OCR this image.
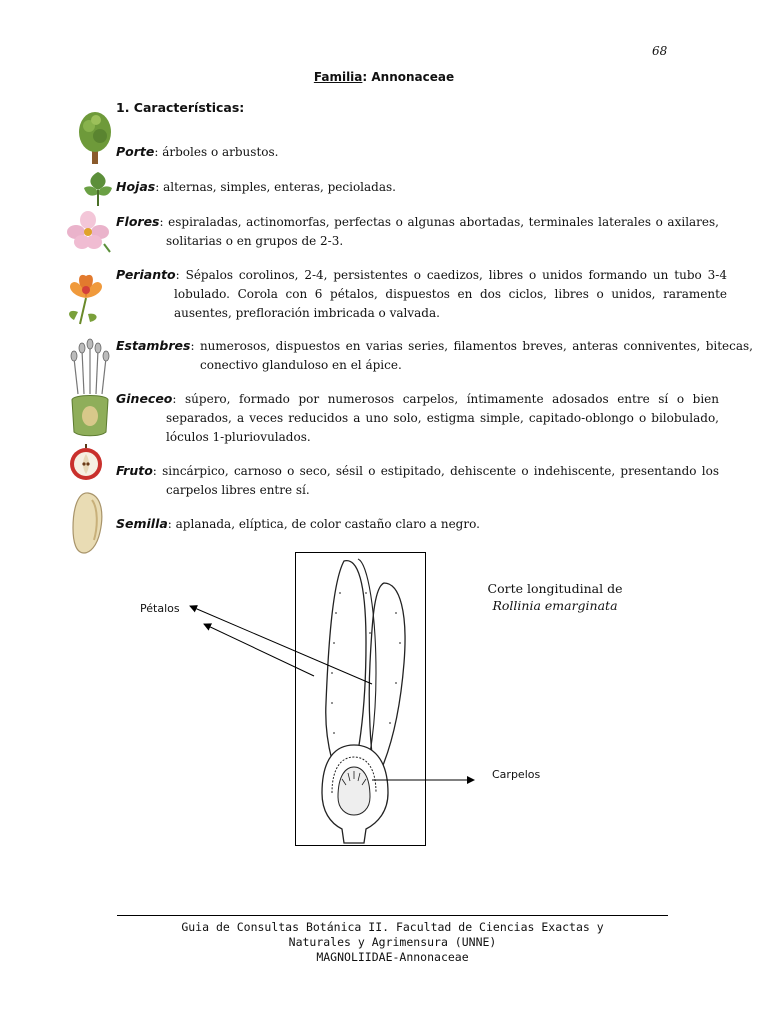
68
Familia: Annonaceae
1. Características:
Porte: árboles o arbustos.
Hojas: alternas, simples, enteras, pecioladas.
Flores: espiraladas, actinomorfas, perfectas o algunas abortadas, terminales laterales o axilares, solitarias o en grupos de 2-3.
Perianto: Sépalos corolinos, 2-4, persistentes o caedizos, libres o unidos formando un tubo 3-4 lobulado. Corola con 6 pétalos, dispuestos en dos ciclos, libres o unidos, raramente ausentes, prefloración imbricada o valvada.
Estambres: numerosos, dispuestos en varias series, filamentos breves, anteras conniventes, bitecas, conectivo glanduloso en el ápice.
Gineceo: súpero, formado por numerosos carpelos, íntimamente adosados entre sí o bien separados, a veces reducidos a uno solo, estigma simple, capitado-oblongo o bilobulado, lóculos 1-pluriovulados.
Fruto: sincárpico, carnoso o seco, sésil o estipitado, dehiscente o indehiscente, presentando los carpelos libres entre sí.
Semilla: aplanada, elíptica, de color castaño claro a negro.
Pétalos
Carpelos
Corte longitudinal de
Rollinia emarginata
Guia de Consultas Botánica II. Facultad de Ciencias Exactas y
Naturales y Agrimensura (UNNE)
MAGNOLIIDAE-Annonaceae
